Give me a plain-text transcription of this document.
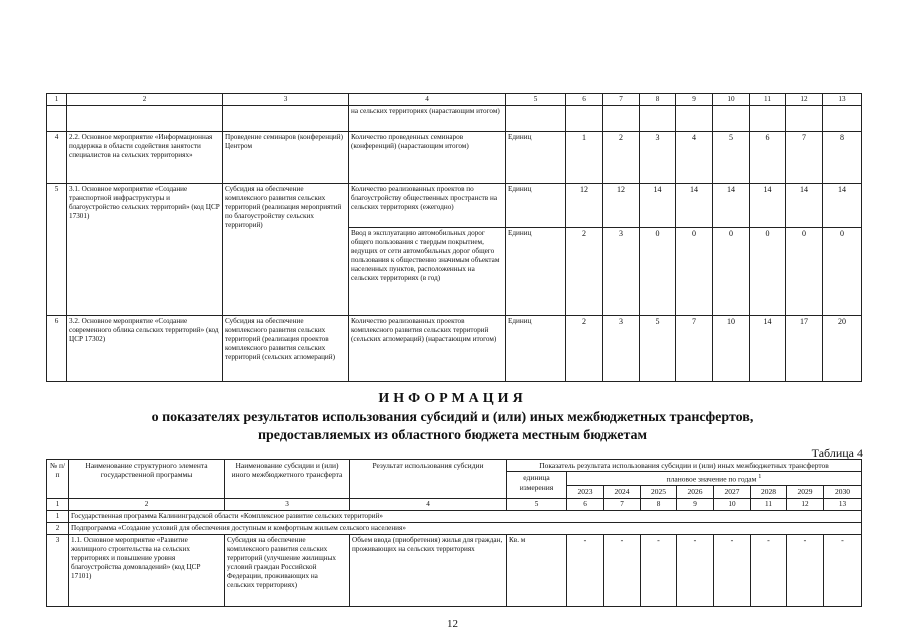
1	2	3	4	5	6	7	8	9	10	11	12	13
			на сельских территориях (нарастающим итогом)									
4	2.2. Основное мероприятие «Информационная поддержка в области содействия занятости специалистов на сельских территориях»	Проведение семинаров (конференций) Центром	Количество проведенных семинаров (конференций) (нарастающим итогом)	Единиц	1	2	3	4	5	6	7	8
5	3.1. Основное мероприятие «Создание транспортной инфраструктуры и благоустройство сельских территорий» (код ЦСР 17301)	Субсидия на обеспечение комплексного развития сельских территорий (реализация мероприятий по благоустройству сельских территорий)	Количество реализованных проектов по благоустройству общественных пространств на сельских территориях (ежегодно)	Единиц	12	12	14	14	14	14	14	14
			Ввод в эксплуатацию автомобильных дорог общего пользования с твердым покрытием, ведущих от сети автомобильных дорог общего пользования к общественно значимым объектам населенных пунктов, расположенных на сельских территориях (в год)	Единиц	2	3	0	0	0	0	0	0
6	3.2. Основное мероприятие «Создание современного облика сельских территорий» (код ЦСР 17302)	Субсидия на обеспечение комплексного развития сельских территорий (реализация проектов комплексного развития сельских территорий (сельских агломераций)	Количество реализованных проектов комплексного развития сельских территорий (сельских агломераций) (нарастающим итогом)	Единиц	2	3	5	7	10	14	17	20
ИНФОРМАЦИЯ
о показателях результатов использования субсидий и (или) иных межбюджетных трансфертов,
предоставляемых из областного бюджета местным бюджетам
Таблица 4
№ п/п	Наименование структурного элемента государственной программы	Наименование субсидии и (или) иного межбюджетного трансферта	Результат использования субсидии	Показатель результата использования субсидии и (или) иных межбюджетных трансфертов								
				единица измерения	плановое значение по годам $^1$
					2023	2024	2025	2026	2027	2028	2029	2030
1	2	3	4	5	6	7	8	9	10	11	12	13
1	Государственная программа Калининградской области «Комплексное развитие сельских территорий»											
2	Подпрограмма «Создание условий для обеспечения доступным и комфортным жильем сельского населения»											
3	1.1. Основное мероприятие «Развитие жилищного строительства на сельских территориях и повышение уровня благоустройства домовладений» (код ЦСР 17101)	Субсидия на обеспечение комплексного развития сельских территорий (улучшение жилищных условий граждан Российской Федерации, проживающих на сельских территориях)	Объем ввода (приобретения) жилья для граждан, проживающих на сельских территориях	Кв. м	-	-	-	-	-	-	-	-
12
